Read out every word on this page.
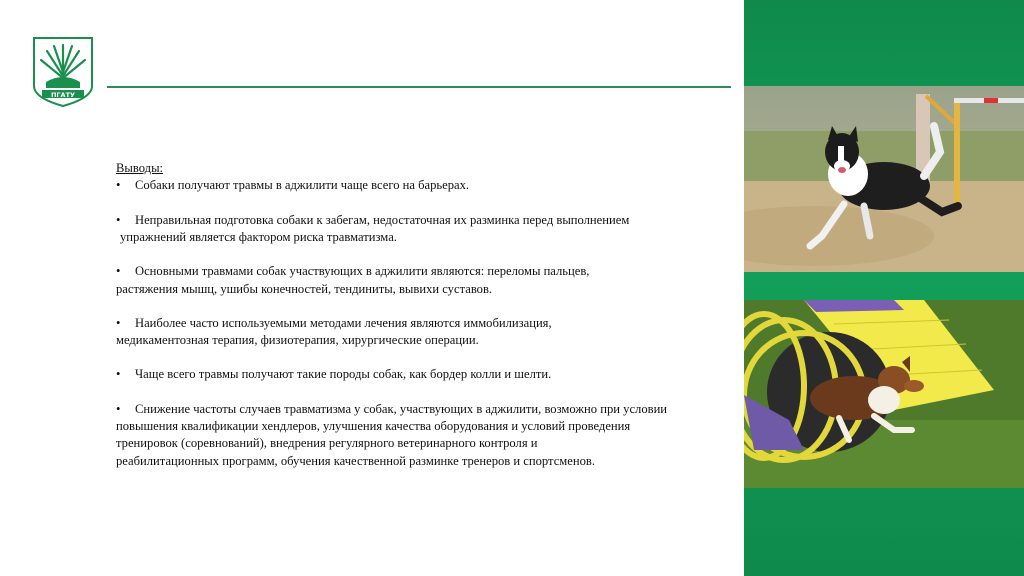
ПГАТУ

Выводы:

• Собаки получают травмы в аджилити чаще всего на барьерах.

• Неправильная подготовка собаки к забегам, недостаточная их разминка перед выполнением
упражнений является фактором риска травматизма.

• Основными травмами собак участвующих в аджилити являются: переломы пальцев,
растяжения мышц, ушибы конечностей, тендиниты, вывихи суставов.

• Наиболее часто используемыми методами лечения являются иммобилизация,
медикаментозная терапия, физиотерапия, хирургические операции.

• Чаще всего травмы получают такие породы собак, как бордер колли и шелти.

• Снижение частоты случаев травматизма у собак, участвующих в аджилити, возможно при условии
повышения квалификации хендлеров, улучшения качества оборудования и условий проведения
тренировок (соревнований), внедрения регулярного ветеринарного контроля и
реабилитационных программ, обучения качественной разминке тренеров и спортсменов.
